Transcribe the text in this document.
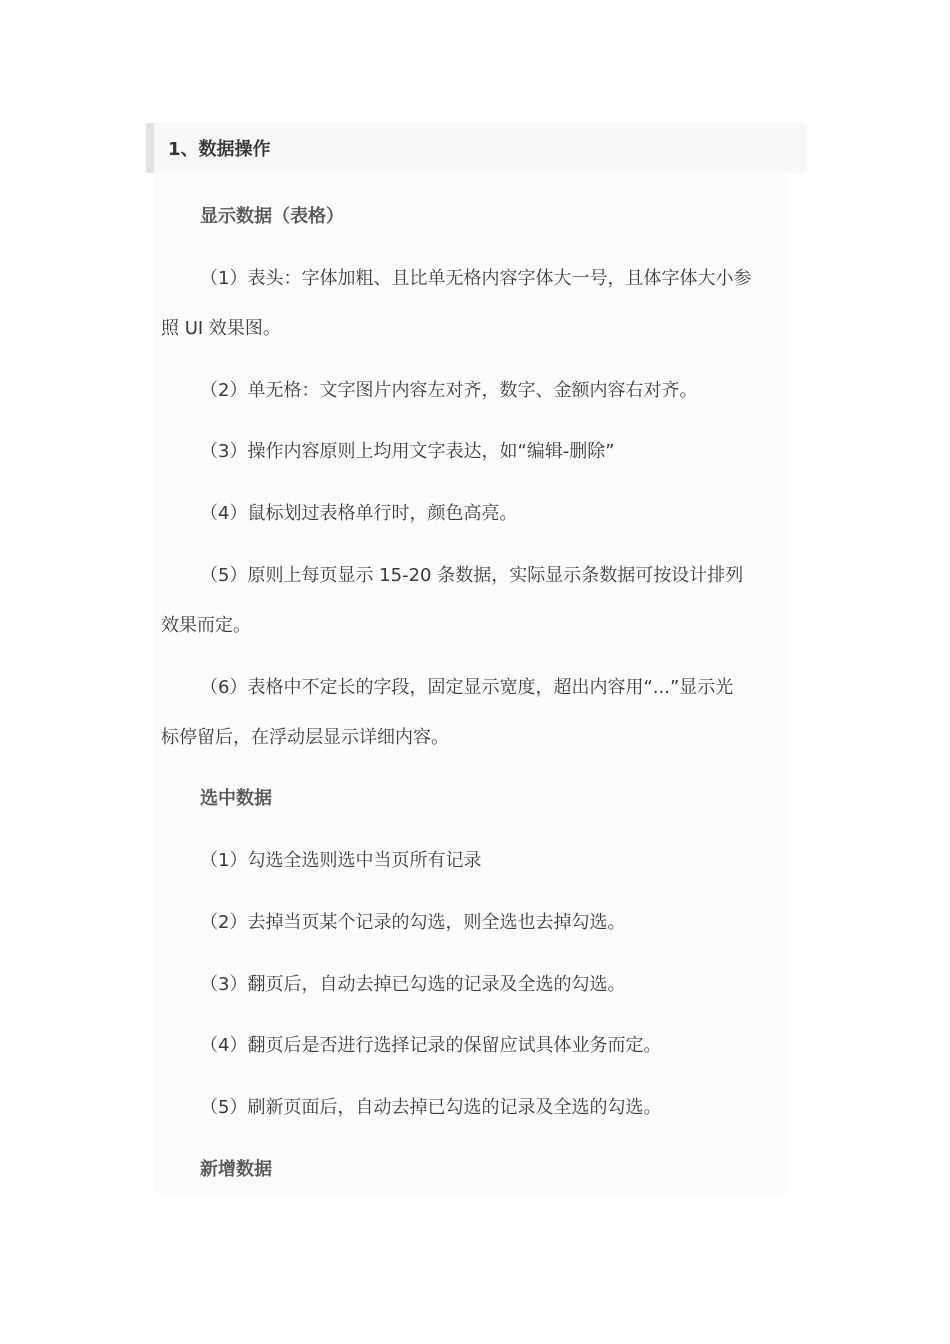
1、数据操作
显示数据（表格）
（1）表头：字体加粗、且比单无格内容字体大一号，且体字体大小参
照 UI 效果图。
（2）单无格：文字图片内容左对齐，数字、金额内容右对齐。
（3）操作内容原则上均用文字表达，如“编辑-删除”
（4）鼠标划过表格单行时，颜色高亮。
（5）原则上每页显示 15-20 条数据，实际显示条数据可按设计排列
效果而定。
（6）表格中不定长的字段，固定显示宽度，超出内容用“...”显示光
标停留后，在浮动层显示详细内容。
选中数据
（1）勾选全选则选中当页所有记录
（2）去掉当页某个记录的勾选，则全选也去掉勾选。
（3）翻页后，自动去掉已勾选的记录及全选的勾选。
（4）翻页后是否进行选择记录的保留应试具体业务而定。
（5）刷新页面后，自动去掉已勾选的记录及全选的勾选。
新增数据
